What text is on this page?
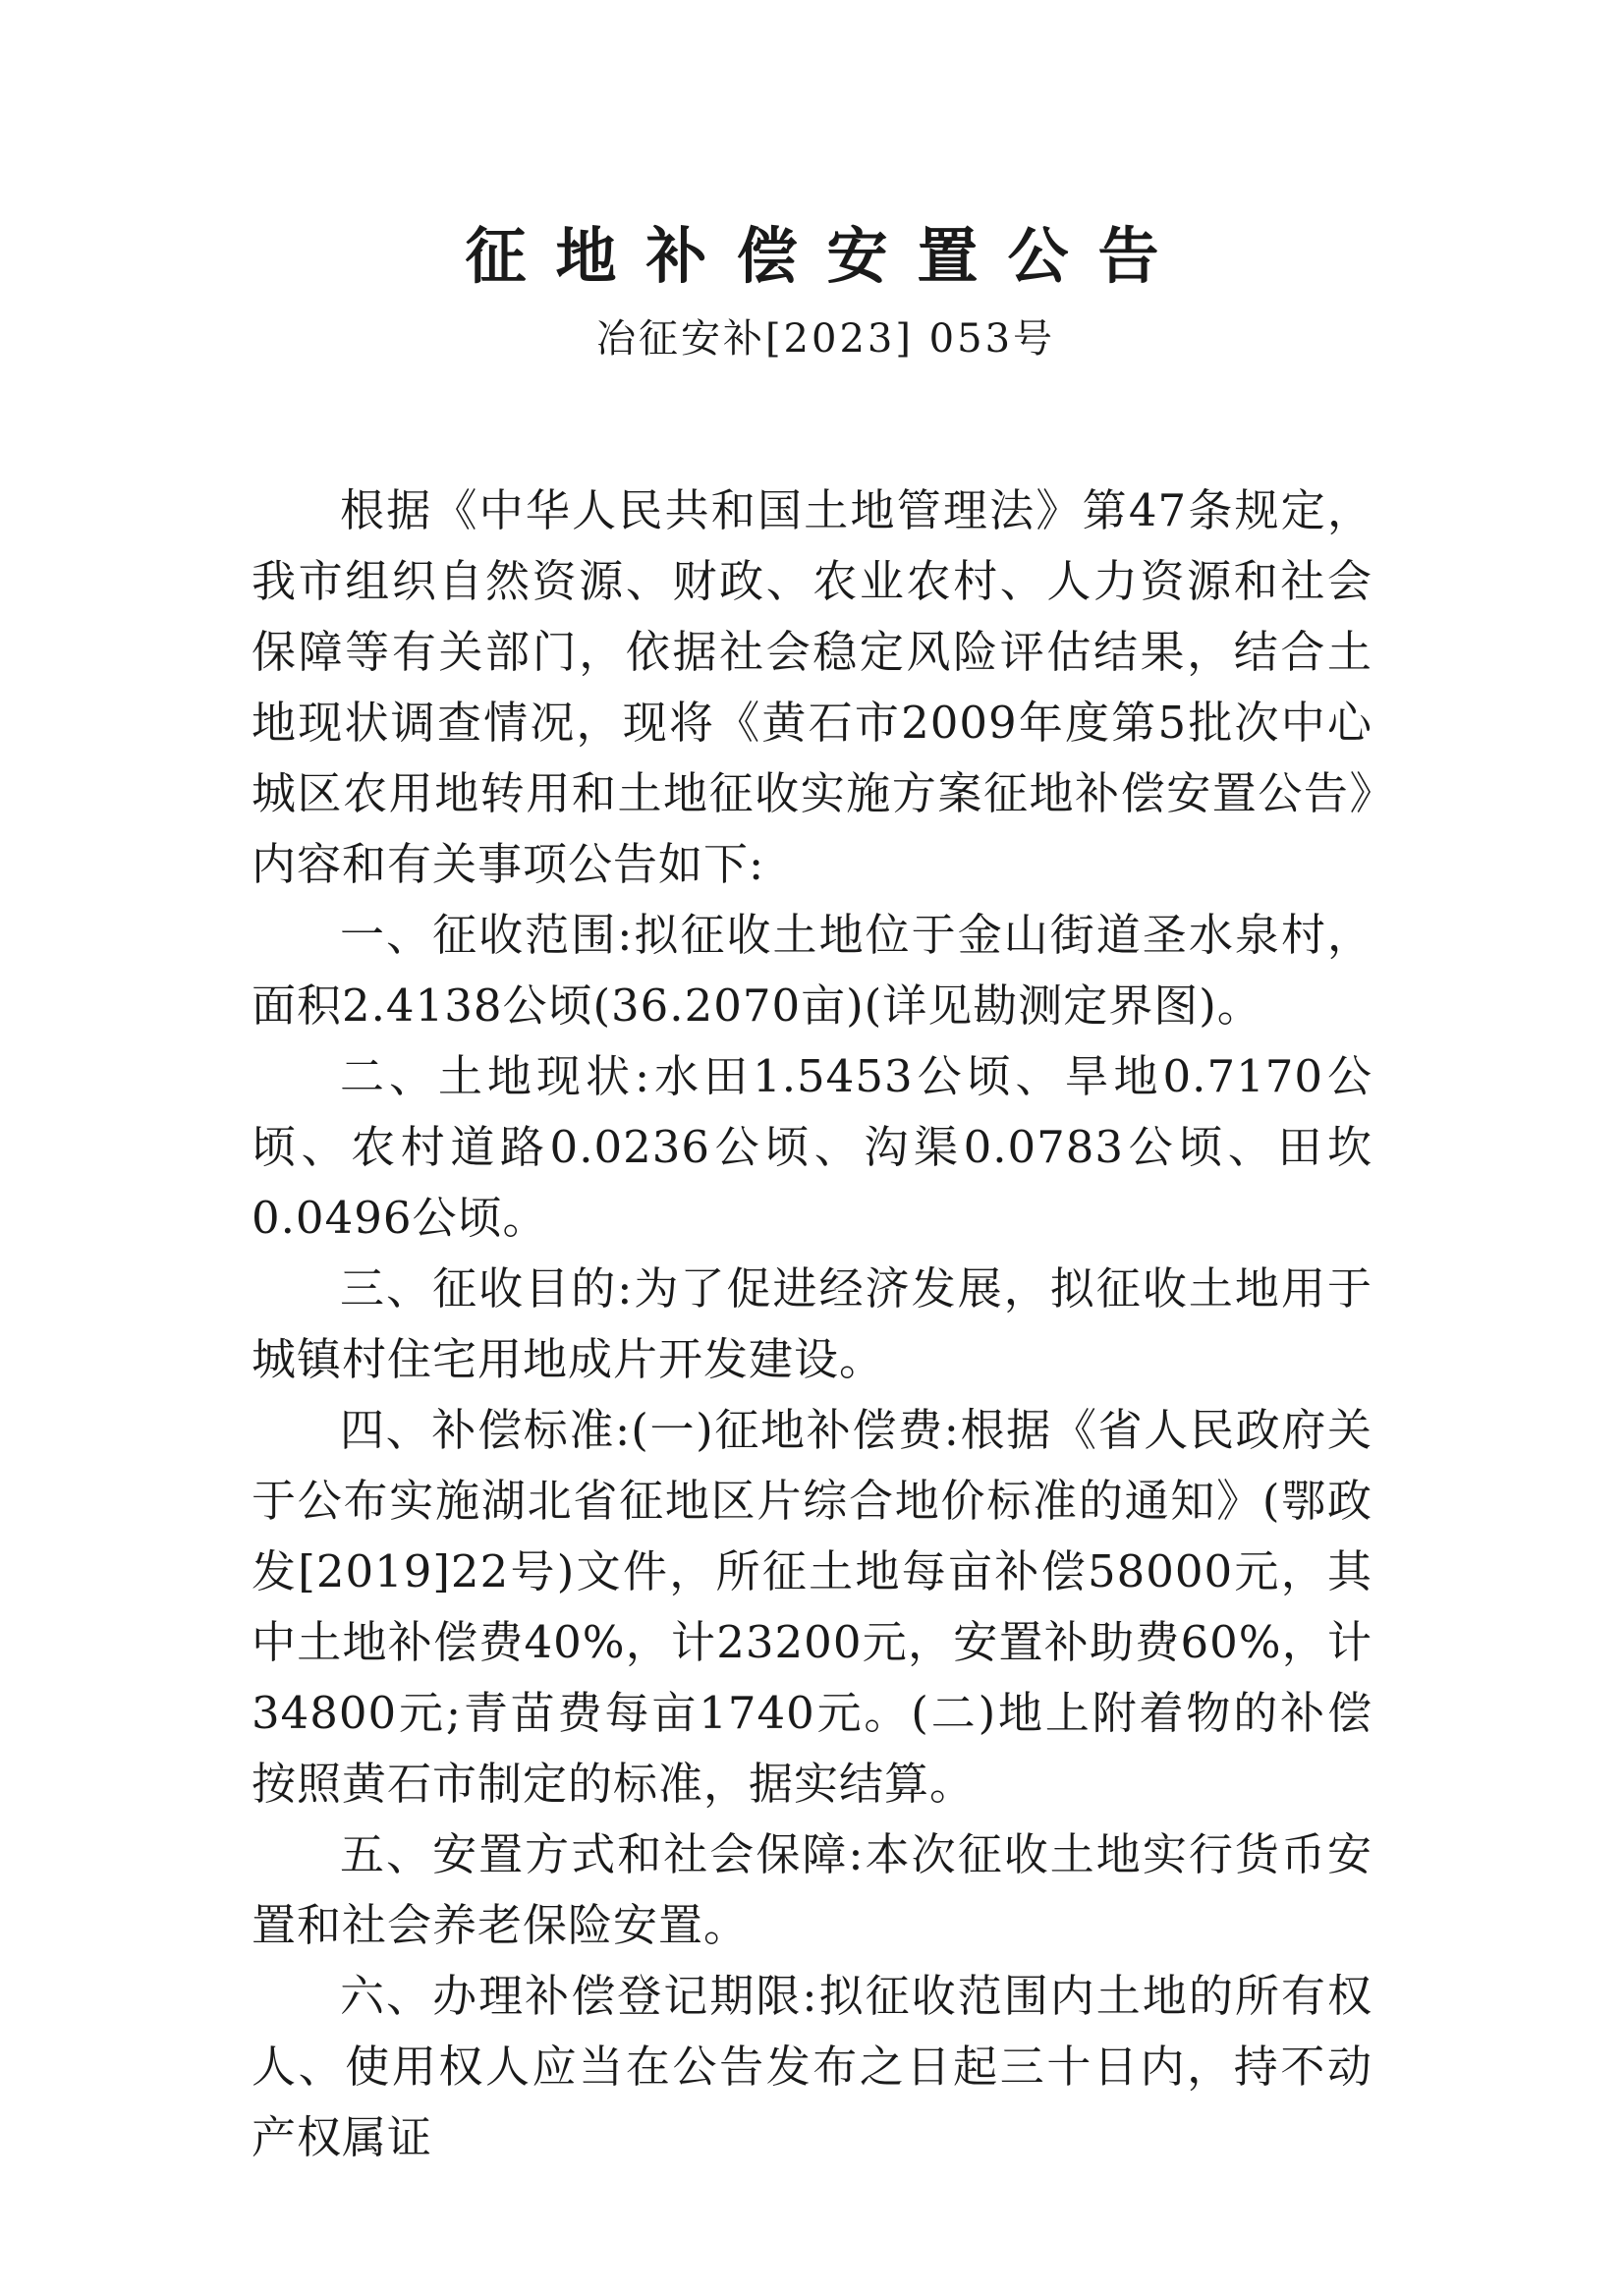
征地补偿安置公告
冶征安补[2023] 053号

根据《中华人民共和国土地管理法》第47条规定，我市组织自然资源、财政、农业农村、人力资源和社会保障等有关部门，依据社会稳定风险评估结果，结合土地现状调查情况，现将《黄石市2009年度第5批次中心城区农用地转用和土地征收实施方案征地补偿安置公告》内容和有关事项公告如下:

一、征收范围:拟征收土地位于金山街道圣水泉村，面积2.4138公顷(36.2070亩)(详见勘测定界图)。

二、土地现状:水田1.5453公顷、旱地0.7170公顷、农村道路0.0236公顷、沟渠0.0783公顷、田坎0.0496公顷。

三、征收目的:为了促进经济发展，拟征收土地用于城镇村住宅用地成片开发建设。

四、补偿标准:(一)征地补偿费:根据《省人民政府关于公布实施湖北省征地区片综合地价标准的通知》(鄂政发[2019]22号)文件，所征土地每亩补偿58000元，其中土地补偿费40%，计23200元，安置补助费60%，计34800元;青苗费每亩1740元。(二)地上附着物的补偿按照黄石市制定的标准，据实结算。

五、安置方式和社会保障:本次征收土地实行货币安置和社会养老保险安置。

六、办理补偿登记期限:拟征收范围内土地的所有权人、使用权人应当在公告发布之日起三十日内，持不动产权属证
